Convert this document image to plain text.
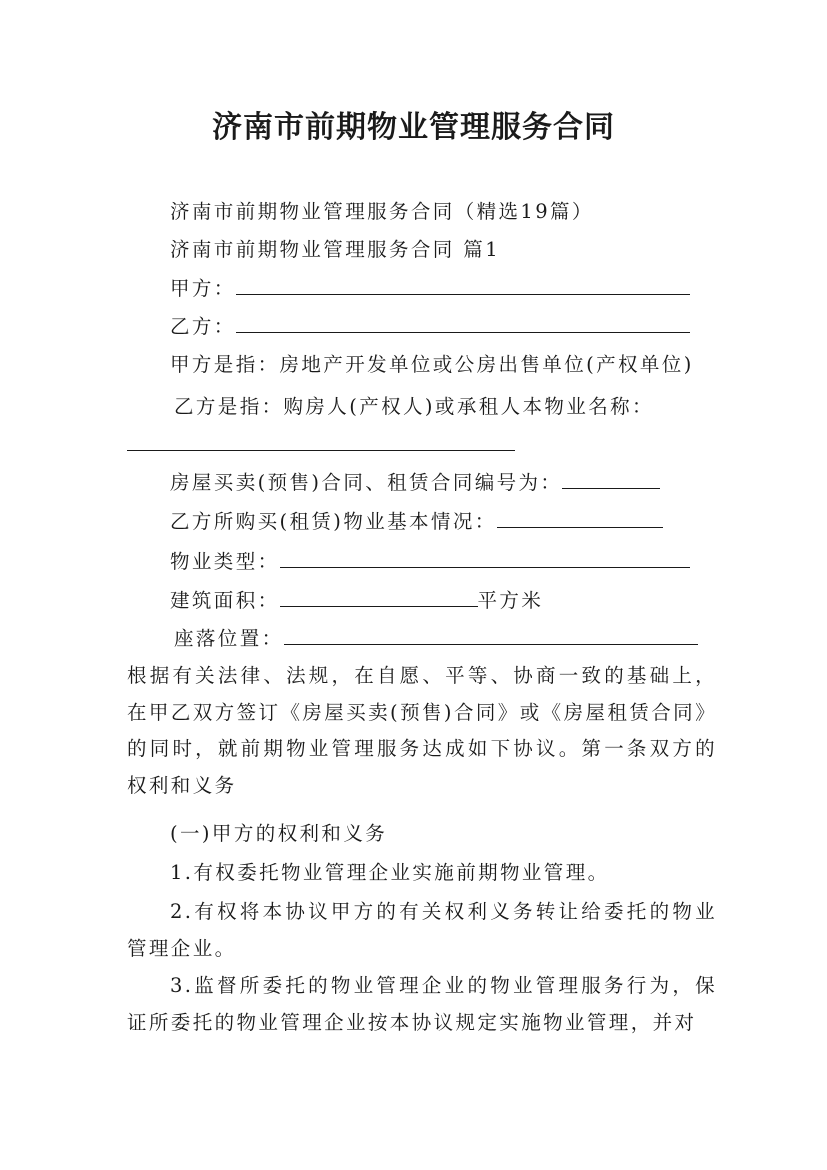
济南市前期物业管理服务合同
济南市前期物业管理服务合同（精选19篇）
济南市前期物业管理服务合同 篇1
甲方：
乙方：
甲方是指：房地产开发单位或公房出售单位(产权单位)
乙方是指：购房人(产权人)或承租人本物业名称：
房屋买卖(预售)合同、租赁合同编号为：
乙方所购买(租赁)物业基本情况：
物业类型：
建筑面积：	平方米
座落位置：
根据有关法律、法规，在自愿、平等、协商一致的基础上，在甲乙双方签订《房屋买卖(预售)合同》或《房屋租赁合同》的同时，就前期物业管理服务达成如下协议。第一条双方的权利和义务
(一)甲方的权利和义务
1.有权委托物业管理企业实施前期物业管理。
2.有权将本协议甲方的有关权利义务转让给委托的物业管理企业。
3.监督所委托的物业管理企业的物业管理服务行为，保证所委托的物业管理企业按本协议规定实施物业管理，并对
